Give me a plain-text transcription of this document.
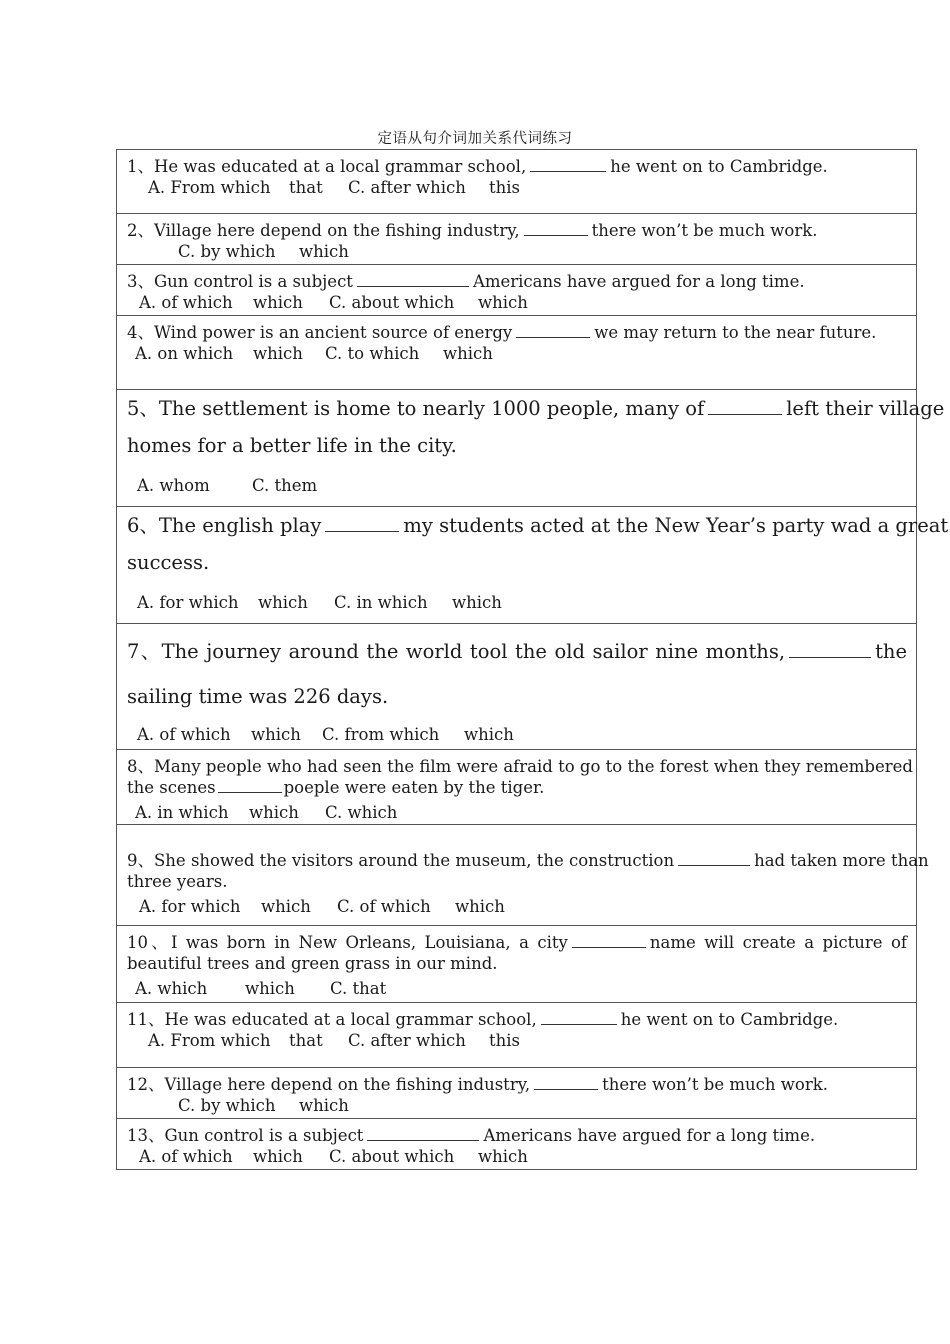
定语从句介词加关系代词练习
1、He was educated at a local grammar school,	he went on to Cambridge.
A. From which that C. after which this
2、Village here depend on the fishing industry,	there won’t be much work.
C. by which which
3、Gun control is a subject	Americans have argued for a long time.
A. of which which C. about which which
4、Wind power is an ancient source of energy	we may return to the near future.
A. on which which C. to which which
5、The settlement is home to nearly 1000 people, many of	left their village
homes for a better life in the city.
A. whom	C. them
6、The english play	my students acted at the New Year’s party wad a great
success.
A. for which which C. in which which
7、The journey around the world tool the old sailor nine months,	the
sailing time was 226 days.
A. of which which C. from which which
8、Many people who had seen the film were afraid to go to the forest when they remembered
the scenes	poeple were eaten by the tiger.
A. in which which C. which
9、She showed the visitors around the museum, the construction	had taken more than
three years.
A. for which which C. of which which
10、I was born in New Orleans, Louisiana, a city	name will create a picture of
beautiful trees and green grass in our mind.
A. which which C. that
11、He was educated at a local grammar school,	he went on to Cambridge.
A. From which that C. after which this
12、Village here depend on the fishing industry,	there won’t be much work.
C. by which which
13、Gun control is a subject	Americans have argued for a long time.
A. of which which C. about which which
